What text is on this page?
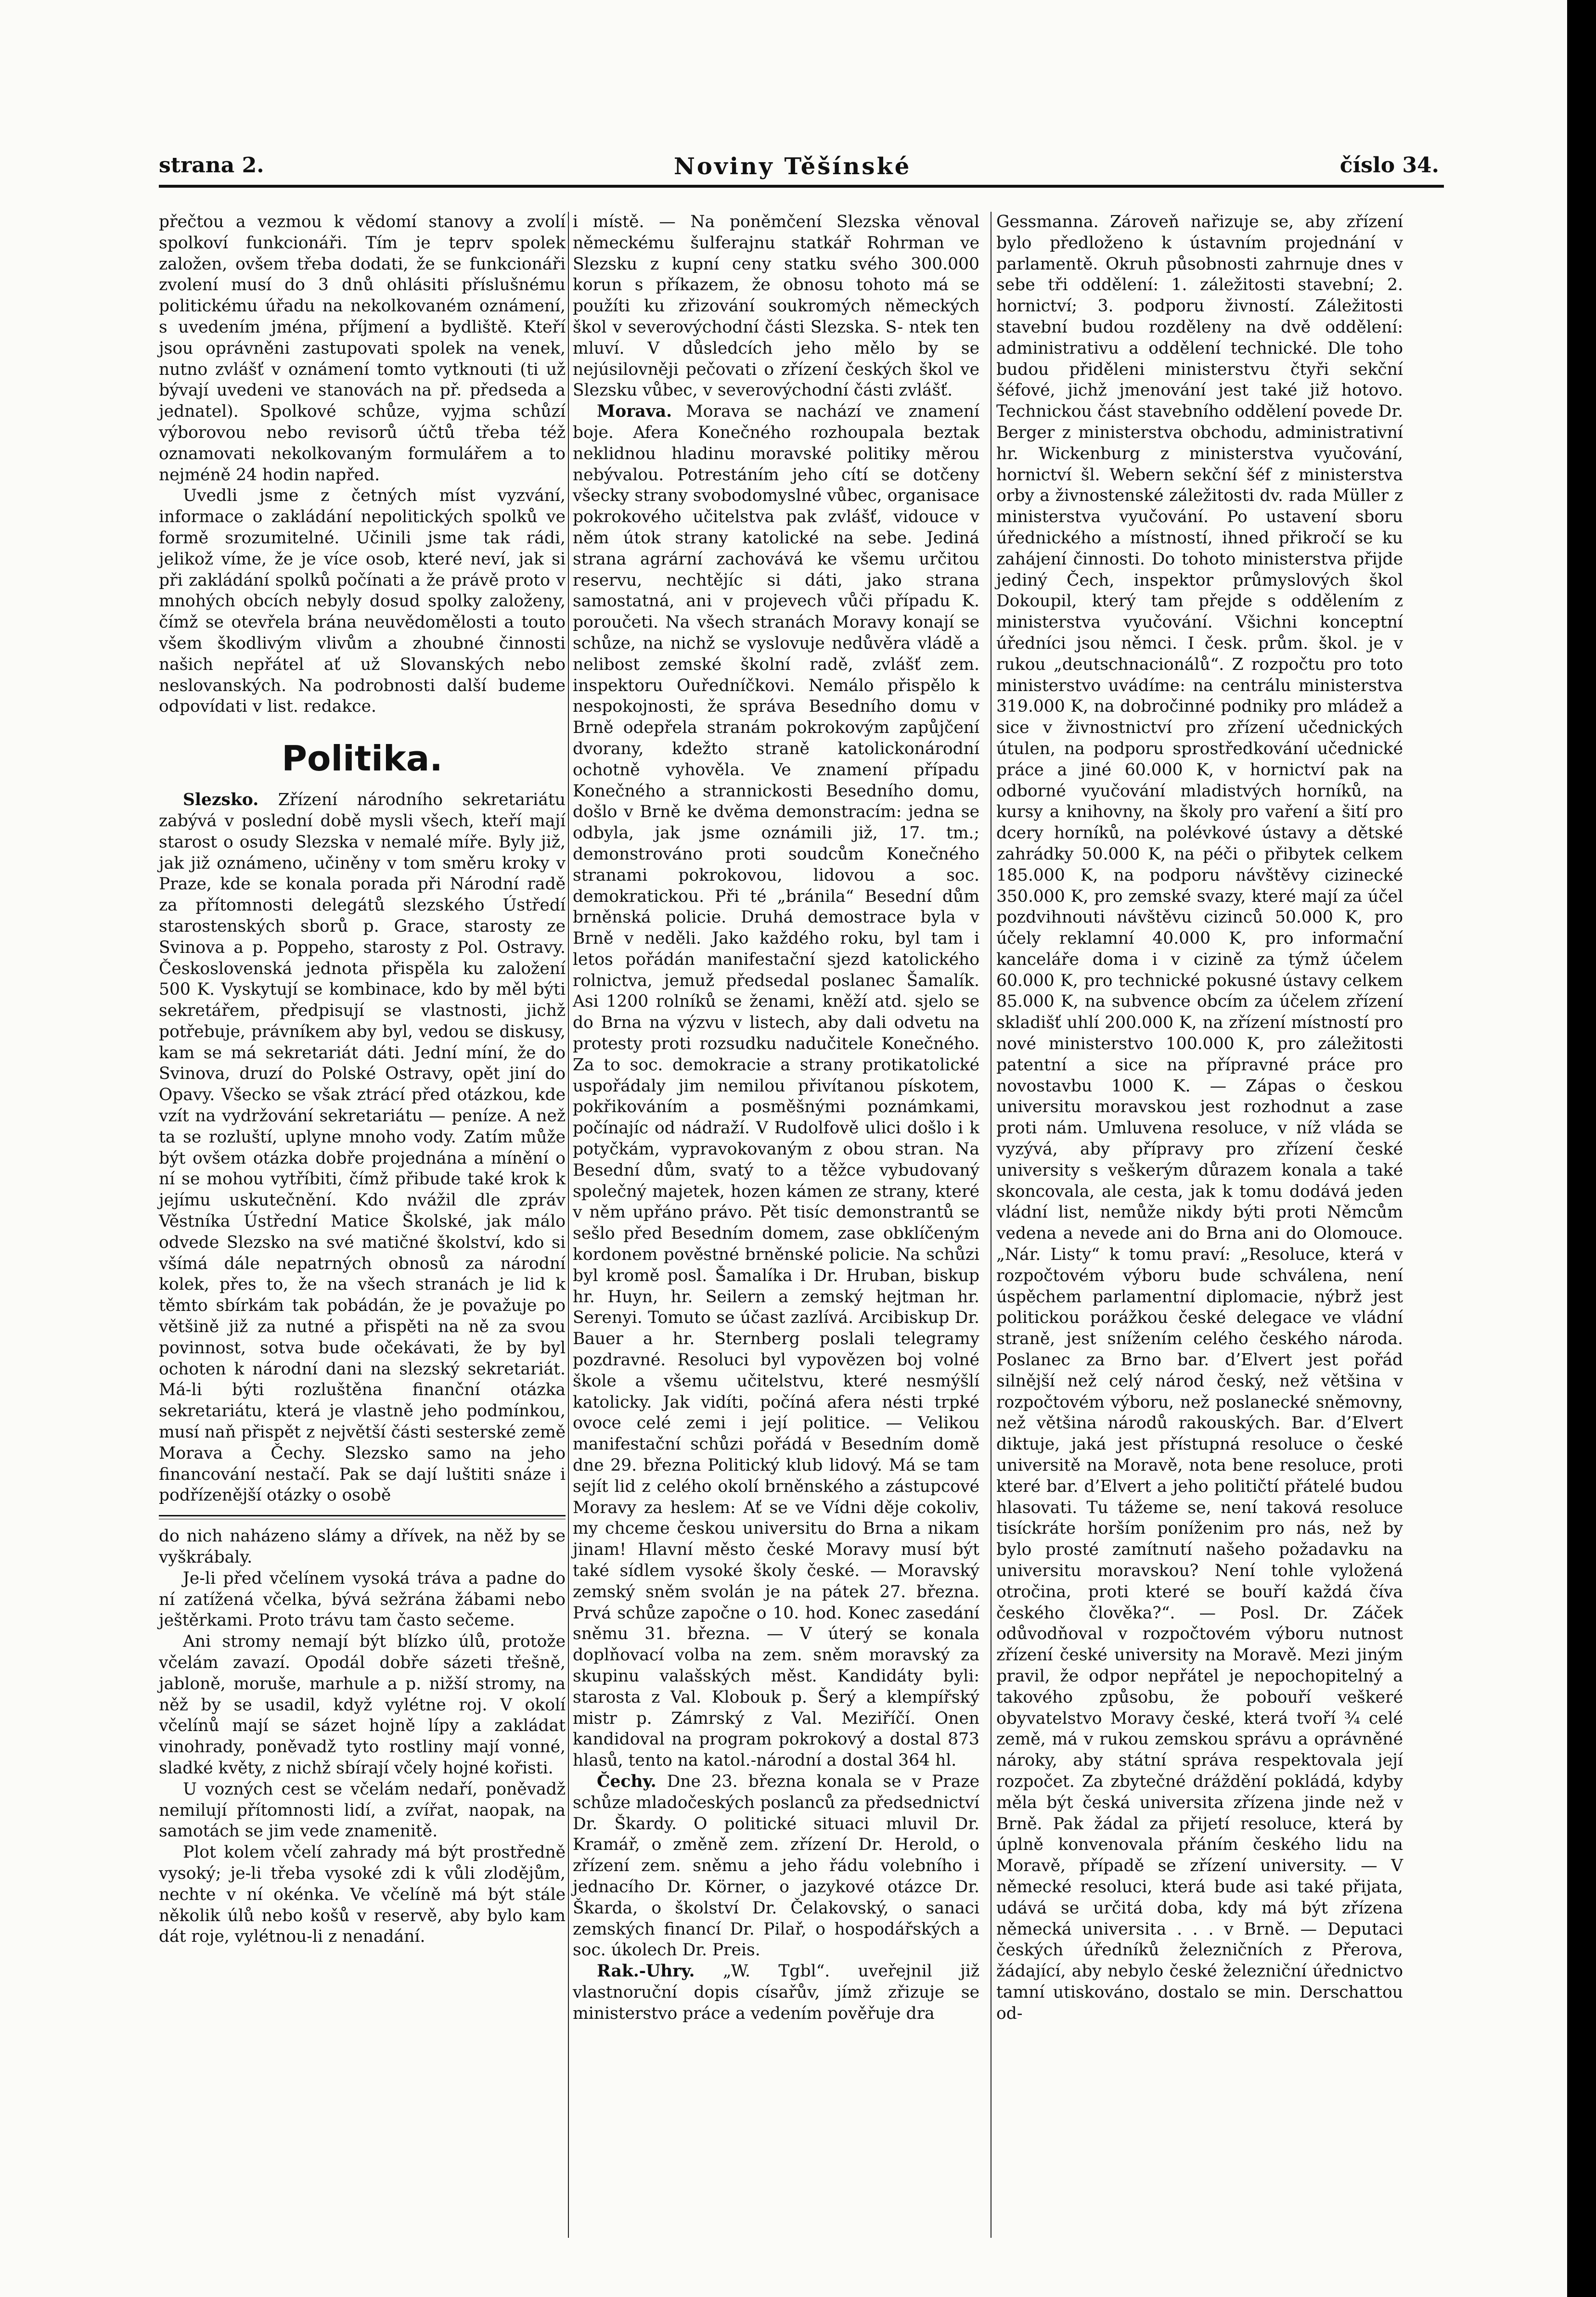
strana 2.	Noviny Těšínské	číslo 34.

přečtou a vezmou k vědomí stanovy a zvolí spolkoví funkcionáři. Tím je teprv spolek založen, ovšem třeba dodati, že se funkcionáři zvolení musí do 3 dnů ohlásiti příslušnému politickému úřadu na nekolkovaném oznámení, s uvedením jména, příjmení a bydliště. Kteří jsou oprávněni zastupovati spolek na venek, nutno zvlášť v oznámení tomto vytknouti (ti už bývají uvedeni ve stanovách na př. předseda a jednatel). Spolkové schůze, vyjma schůzí výborovou nebo revisorů účtů třeba též oznamovati nekolkovaným formulářem a to nejméně 24 hodin napřed.

Uvedli jsme z četných míst vyzvání, informace o zakládání nepolitických spolků ve formě srozumitelné. Učinili jsme tak rádi, jelikož víme, že je více osob, které neví, jak si při zakládání spolků počínati a že právě proto v mnohých obcích nebyly dosud spolky založeny, čímž se otevřela brána neuvědomělosti a toutο všem škodlivým vlivům a zhoubné činnosti našich nepřátel ať už Slovanských nebo neslovanských. Na podrobnosti další budeme odpovídati v list. redakce.

Politika.

Slezsko. Zřízení národního sekretariátu zabývá v poslední době mysli všech, kteří mají starost o osudy Slezska v nemalé míře. Byly již, jak již oznámeno, učiněny v tom směru kroky v Praze, kde se konala porada při Národní radě za přítomnosti delegátů slezského Ústředí starostenských sborů p. Grace, starosty ze Svinova a p. Poppeho, starosty z Pol. Ostravy. Československá jednota přispěla ku založení 500 K. Vyskytují se kombinace, kdo by měl býti sekretářem, předpisují se vlastnosti, jichž potřebuje, právníkem aby byl, vedou se diskusy, kam se má sekretariát dáti. Jední míní, že do Svinova, druzí do Polské Ostravy, opět jiní do Opavy. Všecko se však ztrácí před otázkou, kde vzít na vydržování sekretariátu — peníze. A než ta se rozluští, uplyne mnoho vody. Zatím může být ovšem otázka dobře projednána a mínění o ní se mohou vytříbiti, čímž přibude také krok k jejímu uskutečnění. Kdo nvážil dle zpráv Věstníka Ústřední Matice Školské, jak málo odvede Slezsko na své matičné školství, kdo si všímá dále nepatrných obnosů za národní kolek, přes to, že na všech stranách je lid k těmto sbírkám tak pobádán, že je považuje po většině již za nutné a přispěti na ně za svou povinnost, sotva bude očekávati, že by byl ochoten k národní dani na slezský sekretariát. Má-li býti rozluštěna finanční otázka sekretariátu, která je vlastně jeho podmínkou, musí naň přispět z největší části sesterské země Morava a Čechy. Slezsko samo na jeho financování nestačí. Pak se dají luštiti snáze i podřízenější otázky o osobě

do nich naházeno slámy a dřívek, na něž by se vyškrábaly.

Je-li před včelínem vysoká tráva a padne do ní zatížená včelka, bývá sežrána žábami nebo ještěrkami. Proto trávu tam často sečeme.

Ani stromy nemají být blízko úlů, protože včelám zavazí. Opodál dobře sázeti třešně, jabloně, moruše, marhule a p. nižší stromy, na něž by se usadil, když vylétne roj. V okolí včelínů mají se sázet hojně lípy a zakládat vinohrady, poněvadž tyto rostliny mají vonné, sladké květy, z nichž sbírají včely hojné kořisti.

U vozných cest se včelám nedaří, poněvadž nemilují přítomnosti lidí, a zvířat, naopak, na samotách se jim vede znamenitě.

Plot kolem včelí zahrady má být prostředně vysoký; je-li třeba vysoké zdi k vůli zlodějům, nechte v ní okénka. Ve včelíně má být stále několik úlů nebo košů v reservě, aby bylo kam dát roje, vylétnou-li z nenadání.

i místě. — Na poněmčení Slezska věnoval německému šulferajnu statkář Rohrman ve Slezsku z kupní ceny statku svého 300.000 korun s příkazem, že obnosu tohoto má se použíti ku zřizování soukromých německých škol v severovýchodní části Slezska. S- ntek ten mluví. V důsledcích jeho mělo by se nejúsilovněji pečovati o zřízení českých škol ve Slezsku vůbec, v severovýchodní části zvlášť.

Morava. Morava se nachází ve znamení boje. Afera Konečného rozhoupala beztak neklidnou hladinu moravské politiky měrou nebývalou. Potrestáním jeho cítí se dotčeny všecky strany svobodomyslné vůbec, organisace pokrokového učitelstva pak zvlášť, vidouce v něm útok strany katolické na sebe. Jediná strana agrární zachovává ke všemu určitou reservu, nechtějíc si dáti, jako strana samostatná, ani v projevech vůči případu K. poroučeti. Na všech stranách Moravy konají se schůze, na nichž se vyslovuje nedůvěra vládě a nelibost zemské školní radě, zvlášť zem. inspektoru Ouředníčkovi. Nemálo přispělo k nespokojnosti, že správa Besedního domu v Brně odepřela stranám pokrokovým zapůjčení dvorany, kdežto straně katolickonárodní ochotně vyhověla. Ve znamení případu Konečného a strannickosti Besedního domu, došlo v Brně ke dvěma demonstracím: jedna se odbyla, jak jsme oznámili již, 17. tm.; demonstrováno proti soudcům Konečného stranami pokrokovou, lidovou a soc. demokratickou. Při té „bránila“ Besední dům brněnská policie. Druhá demostrace byla v Brně v neděli. Jako každého roku, byl tam i letos pořádán manifestační sjezd katolického rolnictva, jemuž předsedal poslanec Šamalík. Asi 1200 rolníků se ženami, kněží atd. sjelo se do Brna na výzvu v listech, aby dali odvetu na protesty proti rozsudku nadučitele Konečného. Za to soc. demokracie a strany protikatolické uspořádaly jim nemilou přivítanou pískotem, pokřikováním a posměšnými poznámkami, počínajíc od nádraží. V Rudolfově ulici došlo i k potyčkám, vypravokovaným z obou stran. Na Besední dům, svatý to a těžce vybudovaný společný majetek, hozen kámen ze strany, které v něm upřáno právo. Pět tisíc demonstrantů se sešlo před Besedním domem, zase obklíčeným kordonem pověstné brněnské policie. Na schůzi byl kromě posl. Šamalíka i Dr. Hruban, biskup hr. Huyn, hr. Seilern a zemský hejtman hr. Serenyi. Tomuto se účast zazlívá. Arcibiskup Dr. Bauer a hr. Sternberg poslali telegramy pozdravné. Resoluci byl vypovězen boj volné škole a všemu učitelstvu, které nesmýšlí katolicky. Jak vidíti, počíná afera nésti trpké ovoce celé zemi i její politice. — Velikou manifestační schůzi pořádá v Besedním domě dne 29. března Politický klub lidový. Má se tam sejít lid z celého okolí brněnského a zástupcové Moravy za heslem: Ať se ve Vídni děje cokoliv, my chceme českou universitu do Brna a nikam jinam! Hlavní město české Moravy musí být také sídlem vysoké školy české. — Moravský zemský sněm svolán je na pátek 27. března. Prvá schůze započne o 10. hod. Konec zasedání sněmu 31. března. — V úterý se konala doplňovací volba na zem. sněm moravský za skupinu valašských měst. Kandidáty byli: starosta z Val. Klobouk p. Šerý a klempířský mistr p. Zámrský z Val. Meziříčí. Onen kandidoval na program pokrokový a dostal 873 hlasů, tento na katol.-národní a dostal 364 hl.

Čechy. Dne 23. března konala se v Praze schůze mladočeských poslanců za předsednictví Dr. Škardy. O politické situaci mluvil Dr. Kramář, o změně zem. zřízení Dr. Herold, o zřízení zem. sněmu a jeho řádu volebního i jednacího Dr. Körner, o jazykové otázce Dr. Škarda, o školství Dr. Čelakovský, o sanaci zemských financí Dr. Pilař, o hospodářských a soc. úkolech Dr. Preis.

Rak.-Uhry. „W. Tgbl“. uveřejnil již vlastnoruční dopis císařův, jímž zřizuje se ministerstvo práce a vedením pověřuje dra

Gessmanna. Zároveň nařizuje se, aby zřízení bylo předloženo k ústavním projednání v parlamentě. Okruh působnosti zahrnuje dnes v sebe tři oddělení: 1. záležitosti stavební; 2. hornictví; 3. podporu živností. Záležitosti stavební budou rozděleny na dvě oddělení: administrativu a oddělení technické. Dle toho budou přiděleni ministerstvu čtyři sekční šéfové, jichž jmenování jest také již hotovo. Technickou část stavebního oddělení povede Dr. Berger z ministerstva obchodu, administrativní hr. Wickenburg z ministerstva vyučování, hornictví šl. Webern sekční šéf z ministerstva orby a živnostenské záležitosti dv. rada Müller z ministerstva vyučování. Po ustavení sboru úřednického a místností, ihned přikročí se ku zahájení činnosti. Do tohoto ministerstva přijde jediný Čech, inspektor průmyslových škol Dokoupil, který tam přejde s oddělením z ministerstva vyučování. Všichni konceptní úředníci jsou němci. I česk. prům. škol. je v rukou „deutschnacionálů“. Z rozpočtu pro toto ministerstvo uvádíme: na centrálu ministerstva 319.000 K, na dobročinné podniky pro mládež a sice v živnostnictví pro zřízení učednických útulen, na podporu sprostředkování učednické práce a jiné 60.000 K, v hornictví pak na odborné vyučování mladistvých horníků, na kursy a knihovny, na školy pro vaření a šití pro dcery horníků, na polévkové ústavy a dětské zahrádky 50.000 K, na péči o přibytek celkem 185.000 K, na podporu návštěvy cizinecké 350.000 K, pro zemské svazy, které mají za účel pozdvihnouti návštěvu cizinců 50.000 K, pro účely reklamní 40.000 K, pro informační kanceláře doma i v cizině za týmž účelem 60.000 K, pro technické pokusné ústavy celkem 85.000 K, na subvence obcím za účelem zřízení skladišť uhlí 200.000 K, na zřízení místností pro nové ministerstvo 100.000 K, pro záležitosti patentní a sice na přípravné práce pro novostavbu 1000 K. — Zápas o českou universitu moravskou jest rozhodnut a zase proti nám. Umluvena resoluce, v níž vláda se vyzývá, aby přípravy pro zřízení české university s veškerým důrazem konala a také skoncovala, ale cesta, jak k tomu dodává jeden vládní list, nemůže nikdy býti proti Němcům vedena a nevede ani do Brna ani do Olomouce. „Nár. Listy“ k tomu praví: „Resoluce, která v rozpočtovém výboru bude schválena, není úspěchem parlamentní diplomacie, nýbrž jest politickou porážkou české delegace ve vládní straně, jest snížením celého českého národa. Poslanec za Brno bar. d’Elvert jest pořád silnější než celý národ český, než většina v rozpočtovém výboru, než poslanecké sněmovny, než většina národů rakouských. Bar. d’Elvert diktuje, jaká jest přístupná resoluce o české universitě na Moravě, nota bene resoluce, proti které bar. d’Elvert a jeho političtí přátelé budou hlasovati. Tu tážeme se, není taková resoluce tisíckráte horším poníženim pro nás, než by bylo prosté zamítnutí našeho požadavku na universitu moravskou? Není tohle vyložená otročina, proti které se bouří každá číva českého člověka?“. — Posl. Dr. Záček odůvodňoval v rozpočtovém výboru nutnost zřízení české university na Moravě. Mezi jiným pravil, že odpor nepřátel je nepochopitelný a takového způsobu, že pobouří veškeré obyvatelstvo Moravy české, která tvoří ¾ celé země, má v rukou zemskou správu a oprávněné nároky, aby státní správa respektovala její rozpočet. Za zbytečné dráždění pokládá, kdyby měla být česká universita zřízena jinde než v Brně. Pak žádal za přijetí resoluce, která by úplně konvenovala přáním českého lidu na Moravě, případě se zřízení university. — V německé resoluci, která bude asi také přijata, udává se určitá doba, kdy má být zřízena německá universita . . . v Brně. — Deputaci českých úředníků železničních z Přerova, žádající, aby nebylo české železniční úřednictvo tamní utiskováno, dostalo se min. Derschattou od-
